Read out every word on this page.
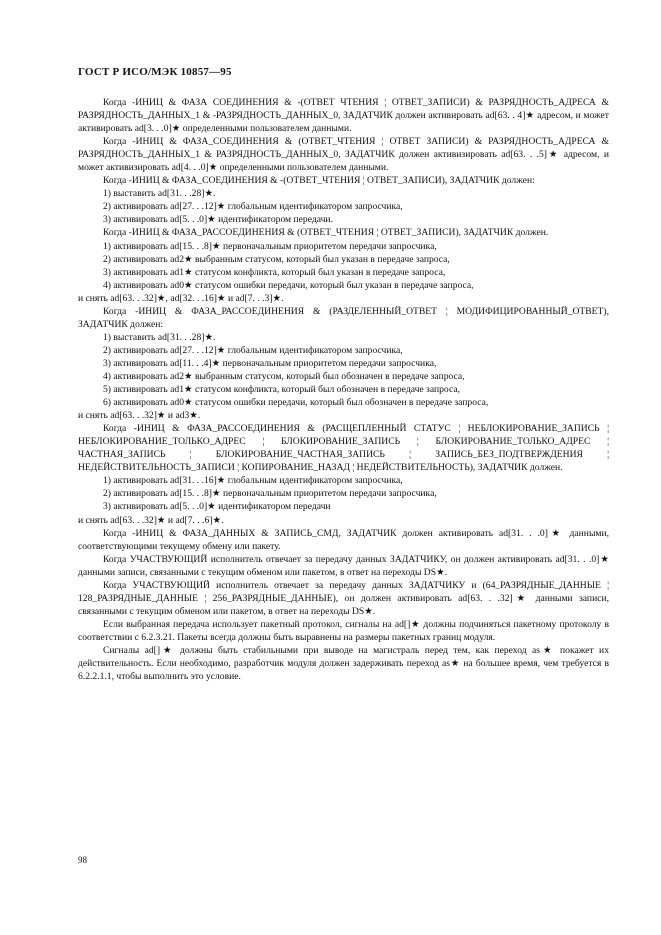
ГОСТ Р ИСО/МЭК 10857—95

Когда -ИНИЦ & ФАЗА СОЕДИНЕНИЯ & -(ОТВЕТ ЧТЕНИЯ ¦ ОТВЕТ_ЗАПИСИ) & РАЗРЯДНОСТЬ_АДРЕСА & РАЗРЯДНОСТЬ_ДАННЫХ_1 & -РАЗРЯДНОСТЬ_ДАННЫХ_0, ЗАДАТЧИК должен активировать ad[63. . 4]★ адресом, и может активировать ad[3. . .0]★ определенными пользователем данными.

Когда -ИНИЦ & ФАЗА_СОЕДИНЕНИЯ & (ОТВЕТ_ЧТЕНИЯ ¦ ОТВЕТ ЗАПИСИ) & РАЗРЯДНОСТЬ_АДРЕСА & РАЗРЯДНОСТЬ_ДАННЫХ_1 & РАЗРЯДНОСТЬ_ДАННЫХ_0, ЗАДАТЧИК должен активизировать ad[63. . .5]★ адресом, и может активизировать ad[4. . .0]★ определенными пользователем данными.

Когда -ИНИЦ & ФАЗА_СОЕДИНЕНИЯ & -(ОТВЕТ_ЧТЕНИЯ ¦ ОТВЕТ_ЗАПИСИ), ЗАДАТЧИК должен:

1) выставить ad[31. . .28]★.

2) активировать ad[27. . .12]★ глобальным идентификатором запросчика,

3) активировать ad[5. . .0]★ идентификатором передачи.

Когда -ИНИЦ & ФАЗА_РАССОЕДИНЕНИЯ & (ОТВЕТ_ЧТЕНИЯ ¦ ОТВЕТ_ЗАПИСИ), ЗАДАТЧИК должен.

1) активировать ad[15. . .8]★ первоначальным приоритетом передачи запросчика,

2) активировать ad2★ выбранным статусом, который был указан в передаче запроса,

3) активировать ad1★ статусом конфликта, который был указан в передаче запроса,

4) активировать ad0★ статусом ошибки передачи, который был указан в передаче запроса,

и снять ad[63. . .32]★, ad[32. . .16]★ и ad[7. . .3]★.

Когда -ИНИЦ & ФАЗА_РАССОЕДИНЕНИЯ & (РАЗДЕЛЕННЫЙ_ОТВЕТ ¦ МОДИФИЦИРОВАННЫЙ_ОТВЕТ), ЗАДАТЧИК должен:

1) выставить ad[31. . .28]★.

2) активировать ad[27. . .12]★ глобальным идентификатором запросчика,

3) активировать ad[11. . .4]★ первоначальным приоритетом передачи запросчика,

4) активировать ad2★ выбранным статусом, который был обозначен в передаче запроса,

5) активировать ad1★ статусом конфликта, который был обозначен в передаче запроса,

6) активировать ad0★ статусом ошибки передачи, который был обозначен в передаче запроса,

и снять ad[63. . .32]★ и ad3★.

Когда -ИНИЦ & ФАЗА_РАССОЕДИНЕНИЯ & (РАСЩЕПЛЕННЫЙ СТАТУС ¦ НЕБЛОКИРОВАНИЕ_ЗАПИСЬ ¦ НЕБЛОКИРОВАНИЕ_ТОЛЬКО_АДРЕС ¦ БЛОКИРОВАНИЕ_ЗАПИСЬ ¦ БЛОКИРОВАНИЕ_ТОЛЬКО_АДРЕС ¦ ЧАСТНАЯ_ЗАПИСЬ ¦ БЛОКИРОВАНИЕ_ЧАСТНАЯ_ЗАПИСЬ ¦ ЗАПИСЬ_БЕЗ_ПОДТВЕРЖДЕНИЯ ¦ НЕДЕЙСТВИТЕЛЬНОСТЬ_ЗАПИСИ ¦ КОПИРОВАНИЕ_НАЗАД ¦ НЕДЕЙСТВИТЕЛЬНОСТЬ), ЗАДАТЧИК должен.

1) активировать ad[31. . .16]★ глобальным идентификатором запросчика,

2) активировать ad[15. . .8]★ первоначальным приоритетом передачи запросчика,

3) активировать ad[5. . .0]★ идентификатором передачи

и снять ad[63. . .32]★ и ad[7. . .6]★.

Когда -ИНИЦ & ФАЗА_ДАННЫХ & ЗАПИСЬ_СМД, ЗАДАТЧИК должен активировать ad[31. . .0]★ данными, соответствующими текущему обмену или пакету.

Когда УЧАСТВУЮЩИЙ исполнитель отвечает за передачу данных ЗАДАТЧИКУ, он должен активировать ad[31. . .0]★ данными записи, связанными с текущим обменом или пакетом, в ответ на переходы DS★.

Когда УЧАСТВУЮЩИЙ исполнитель отвечает за передачу данных ЗАДАТЧИКУ и (64_РАЗРЯДНЫЕ_ДАННЫЕ ¦ 128_РАЗРЯДНЫЕ_ДАННЫЕ ¦ 256_РАЗРЯДНЫЕ_ДАННЫЕ), он должен активировать ad[63. . .32]★ данными записи, связанными с текущим обменом или пакетом, в ответ на переходы DS★.

Если выбранная передача использует пакетный протокол, сигналы на ad[]★ должны подчиняться пакетному протоколу в соответствии с 6.2.3.21. Пакеты всегда должны быть выравнены на размеры пакетных границ модуля.

Сигналы ad[]★ должны быть стабильными при выводе на магистраль перед тем, как переход as★ покажет их действительность. Если необходимо, разработчик модуля должен задерживать переход as★ на большее время, чем требуется в 6.2.2.1.1, чтобы выполнить это условие.

98
